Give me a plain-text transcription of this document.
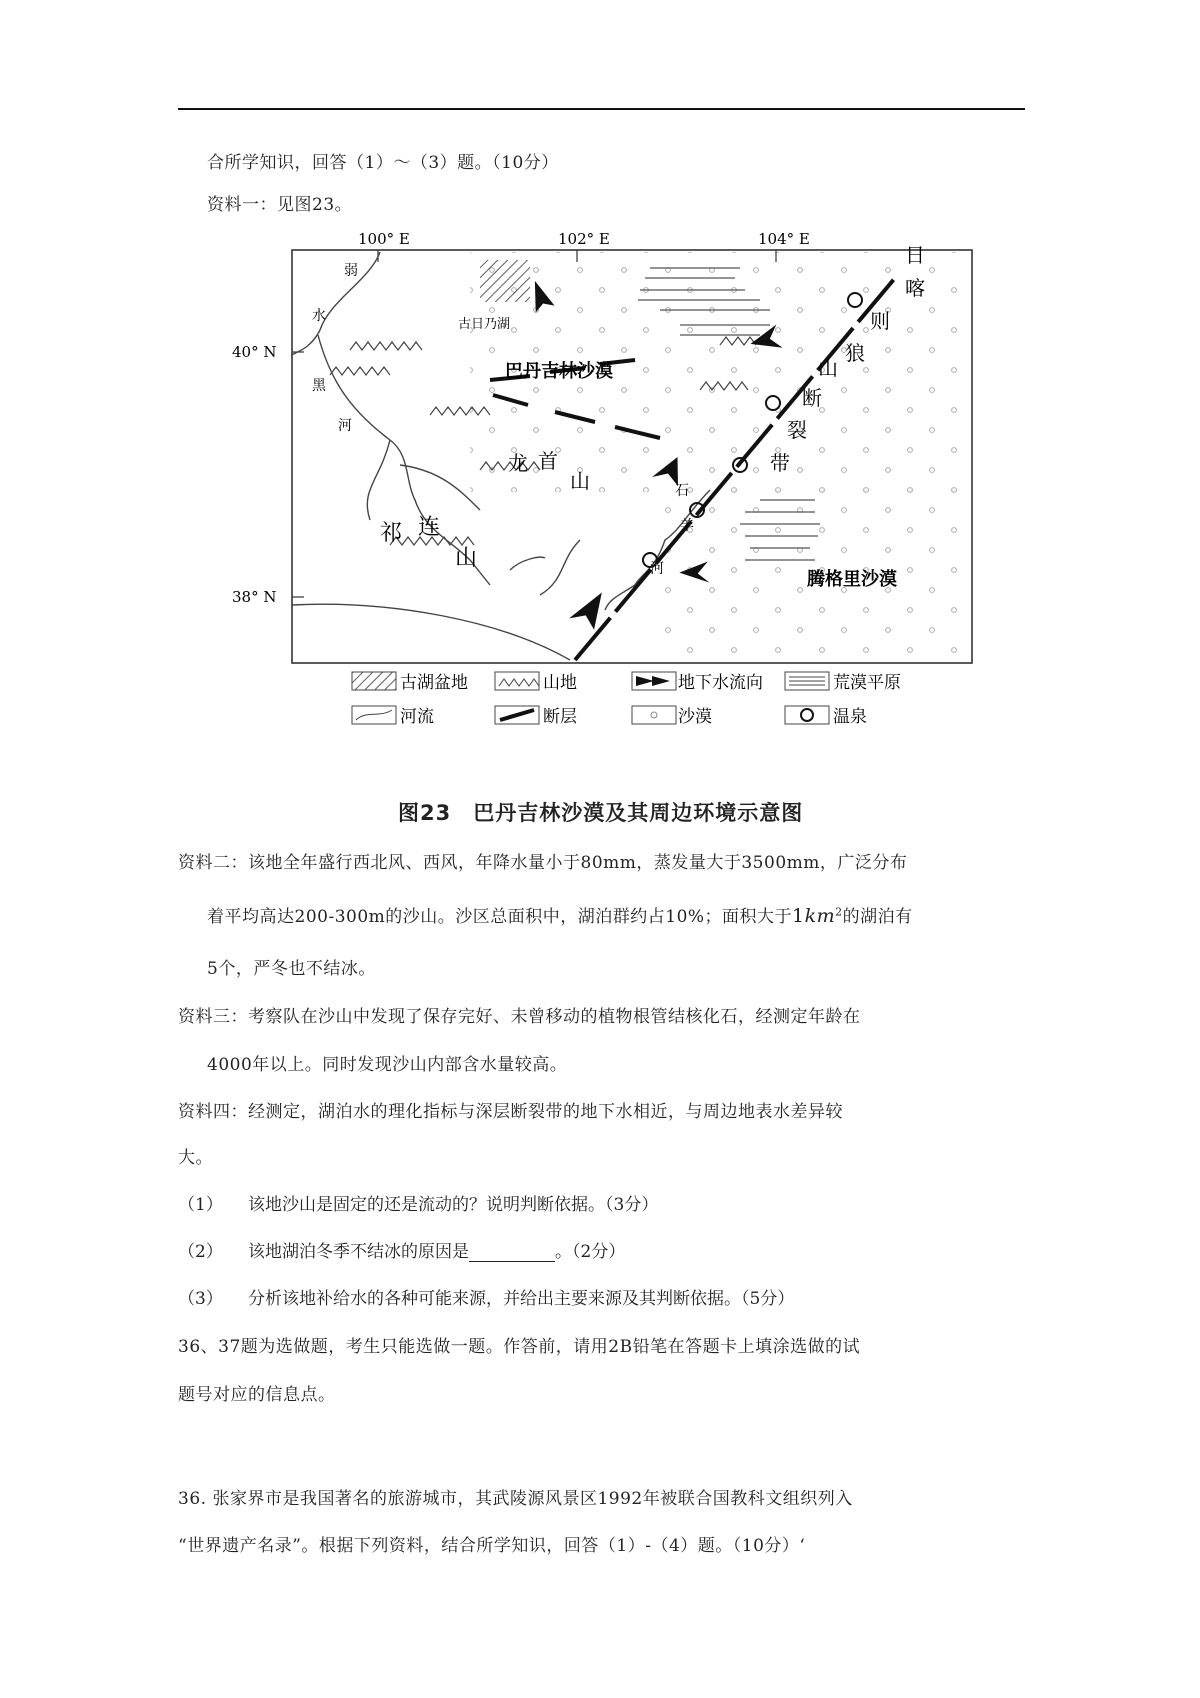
合所学知识，回答（1）～（3）题。（10分）
资料一：见图23。
100° E	102° E	104° E
40° N
38° N
古日乃湖
巴丹吉林沙漠
腾格里沙漠
龙 首
山
祁 连
山
弱
水
黑
河
石
羊
河
日
喀
则
狼
山
断
裂
带
古湖盆地	山地	地下水流向	荒漠平原
河流	断层	沙漠	温泉
图23　巴丹吉林沙漠及其周边环境示意图
资料二：该地全年盛行西北风、西风，年降水量小于80mm，蒸发量大于3500mm，广泛分布
着平均高达200-300m的沙山。沙区总面积中，湖泊群约占10%；面积大于$1km^2$的湖泊有
5个，严冬也不结冰。
资料三：考察队在沙山中发现了保存完好、未曾移动的植物根管结核化石，经测定年龄在
4000年以上。同时发现沙山内部含水量较高。
资料四：经测定，湖泊水的理化指标与深层断裂带的地下水相近，与周边地表水差异较
大。
（1） 该地沙山是固定的还是流动的？说明判断依据。（3分）
（2） 该地湖泊冬季不结冰的原因是	。（2分）
（3） 分析该地补给水的各种可能来源，并给出主要来源及其判断依据。（5分）
36、37题为选做题，考生只能选做一题。作答前，请用2B铅笔在答题卡上填涂选做的试
题号对应的信息点。
36. 张家界市是我国著名的旅游城市，其武陵源风景区1992年被联合国教科文组织列入
“世界遗产名录”。根据下列资料，结合所学知识，回答（1）-（4）题。（10分）‘
